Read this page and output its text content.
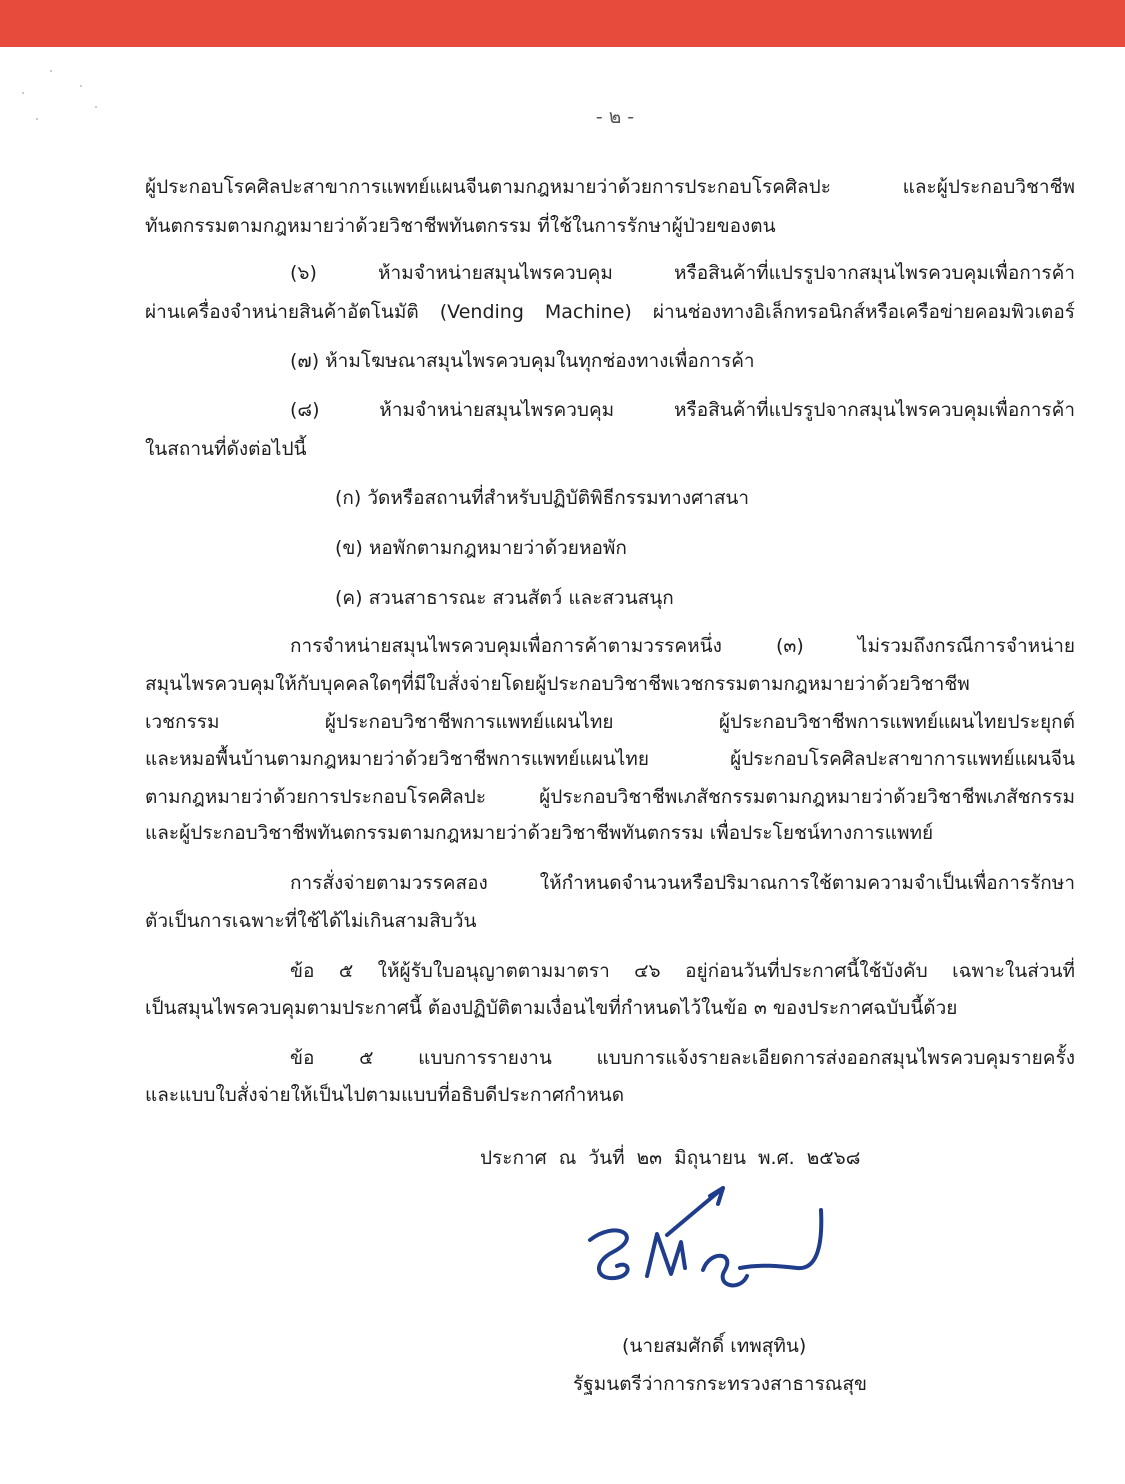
- ๒ -
ผู้ประกอบโรคศิลปะสาขาการแพทย์แผนจีนตามกฎหมายว่าด้วยการประกอบโรคศิลปะ และผู้ประกอบวิชาชีพ
ทันตกรรมตามกฎหมายว่าด้วยวิชาชีพทันตกรรม ที่ใช้ในการรักษาผู้ป่วยของตน
(๖) ห้ามจำหน่ายสมุนไพรควบคุม หรือสินค้าที่แปรรูปจากสมุนไพรควบคุมเพื่อการค้า
ผ่านเครื่องจำหน่ายสินค้าอัตโนมัติ (Vending Machine) ผ่านช่องทางอิเล็กทรอนิกส์หรือเครือข่ายคอมพิวเตอร์
(๗) ห้ามโฆษณาสมุนไพรควบคุมในทุกช่องทางเพื่อการค้า
(๘) ห้ามจำหน่ายสมุนไพรควบคุม หรือสินค้าที่แปรรูปจากสมุนไพรควบคุมเพื่อการค้า
ในสถานที่ดังต่อไปนี้
(ก) วัดหรือสถานที่สำหรับปฏิบัติพิธีกรรมทางศาสนา
(ข) หอพักตามกฎหมายว่าด้วยหอพัก
(ค) สวนสาธารณะ สวนสัตว์ และสวนสนุก
การจำหน่ายสมุนไพรควบคุมเพื่อการค้าตามวรรคหนึ่ง (๓) ไม่รวมถึงกรณีการจำหน่าย
สมุนไพรควบคุมให้กับบุคคลใดๆที่มีใบสั่งจ่ายโดยผู้ประกอบวิชาชีพเวชกรรมตามกฎหมายว่าด้วยวิชาชีพ
เวชกรรม ผู้ประกอบวิชาชีพการแพทย์แผนไทย ผู้ประกอบวิชาชีพการแพทย์แผนไทยประยุกต์
และหมอพื้นบ้านตามกฎหมายว่าด้วยวิชาชีพการแพทย์แผนไทย ผู้ประกอบโรคศิลปะสาขาการแพทย์แผนจีน
ตามกฎหมายว่าด้วยการประกอบโรคศิลปะ ผู้ประกอบวิชาชีพเภสัชกรรมตามกฎหมายว่าด้วยวิชาชีพเภสัชกรรม
และผู้ประกอบวิชาชีพทันตกรรมตามกฎหมายว่าด้วยวิชาชีพทันตกรรม เพื่อประโยชน์ทางการแพทย์
การสั่งจ่ายตามวรรคสอง ให้กำหนดจำนวนหรือปริมาณการใช้ตามความจำเป็นเพื่อการรักษา
ตัวเป็นการเฉพาะที่ใช้ได้ไม่เกินสามสิบวัน
ข้อ ๕ ให้ผู้รับใบอนุญาตตามมาตรา ๔๖ อยู่ก่อนวันที่ประกาศนี้ใช้บังคับ เฉพาะในส่วนที่
เป็นสมุนไพรควบคุมตามประกาศนี้ ต้องปฏิบัติตามเงื่อนไขที่กำหนดไว้ในข้อ ๓ ของประกาศฉบับนี้ด้วย
ข้อ ๕ แบบการรายงาน แบบการแจ้งรายละเอียดการส่งออกสมุนไพรควบคุมรายครั้ง
และแบบใบสั่งจ่ายให้เป็นไปตามแบบที่อธิบดีประกาศกำหนด
ประกาศ ณ วันที่ ๒๓ มิถุนายน พ.ศ. ๒๕๖๘
(นายสมศักดิ์ เทพสุทิน)
รัฐมนตรีว่าการกระทรวงสาธารณสุข
